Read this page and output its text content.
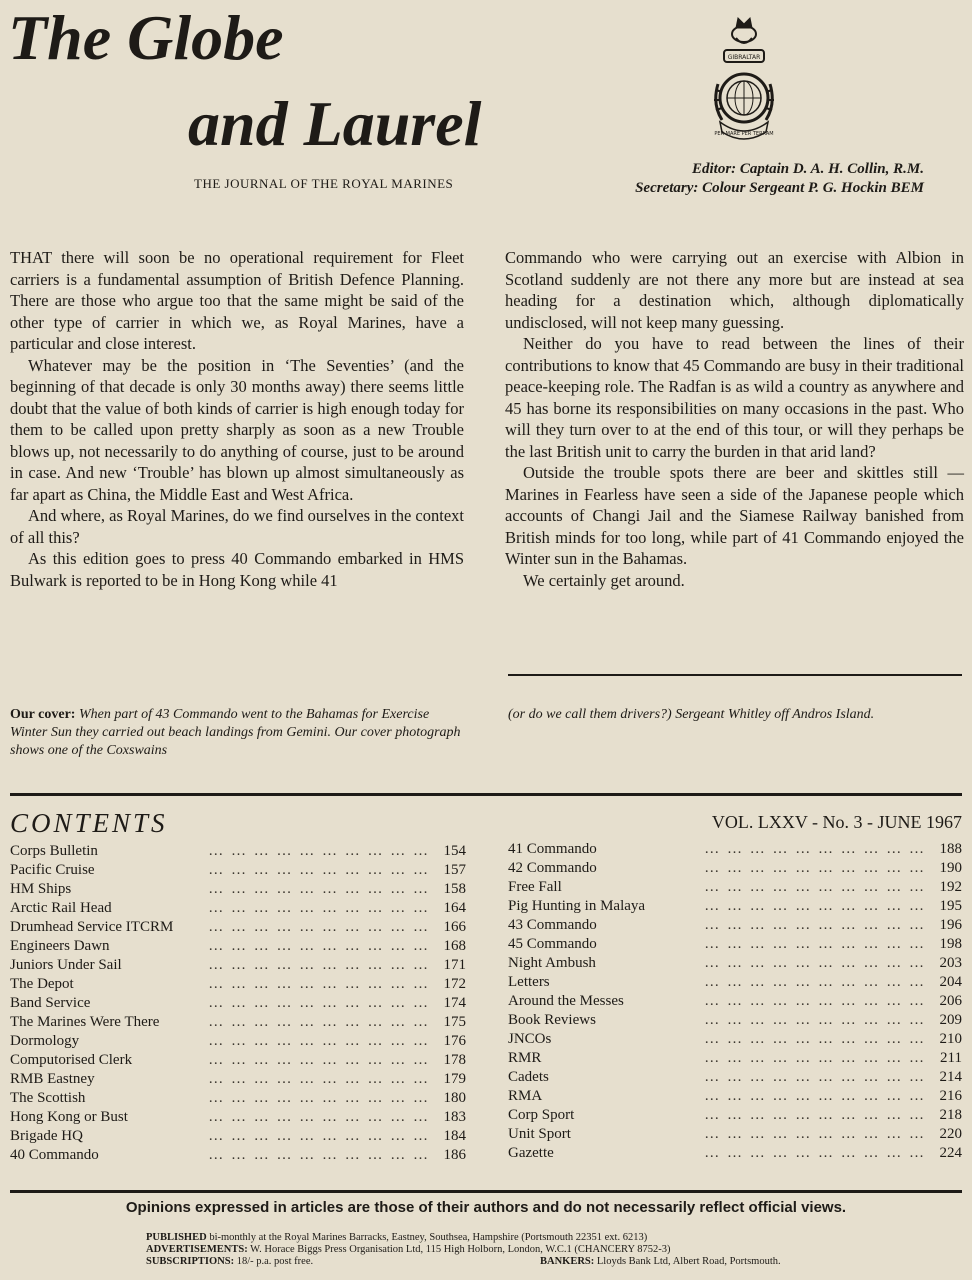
The Globe
and Laurel
THE JOURNAL OF THE ROYAL MARINES
GIBRALTAR
PER MARE PER TERRAM
Editor: Captain D. A. H. Collin, R.M.
Secretary: Colour Sergeant P. G. Hockin BEM

THAT there will soon be no operational requirement for Fleet carriers is a fundamental assumption of British Defence Planning. There are those who argue too that the same might be said of the other type of carrier in which we, as Royal Marines, have a particular and close interest.

Whatever may be the position in ‘The Seventies’ (and the beginning of that decade is only 30 months away) there seems little doubt that the value of both kinds of carrier is high enough today for them to be called upon pretty sharply as soon as a new Trouble blows up, not necessarily to do anything of course, just to be around in case. And new ‘Trouble’ has blown up almost simultaneously as far apart as China, the Middle East and West Africa.

And where, as Royal Marines, do we find ourselves in the context of all this?

As this edition goes to press 40 Commando embarked in HMS Bulwark is reported to be in Hong Kong while 41

Commando who were carrying out an exercise with Albion in Scotland suddenly are not there any more but are instead at sea heading for a destination which, although diplomatically undisclosed, will not keep many guessing.

Neither do you have to read between the lines of their contributions to know that 45 Commando are busy in their traditional peace-keeping role. The Radfan is as wild a country as anywhere and 45 has borne its responsibilities on many occasions in the past. Who will they turn over to at the end of this tour, or will they perhaps be the last British unit to carry the burden in that arid land?

Outside the trouble spots there are beer and skittles still — Marines in Fearless have seen a side of the Japanese people which accounts of Changi Jail and the Siamese Railway banished from British minds for too long, while part of 41 Commando enjoyed the Winter sun in the Bahamas.

We certainly get around.

Our cover: When part of 43 Commando went to the Bahamas for Exercise Winter Sun they carried out beach landings from Gemini. Our cover photograph shows one of the Coxswains
(or do we call them drivers?) Sergeant Whitley off Andros Island.
CONTENTS	VOL. LXXV - No. 3 - JUNE 1967
Corps Bulletin	… … … … … … … … … … 154
Pacific Cruise	… … … … … … … … … … 157
HM Ships	… … … … … … … … … … 158
Arctic Rail Head	… … … … … … … … … … 164
Drumhead Service ITCRM	… … … … … … … … … … 166
Engineers Dawn	… … … … … … … … … … 168
Juniors Under Sail	… … … … … … … … … … 171
The Depot	… … … … … … … … … … 172
Band Service	… … … … … … … … … … 174
The Marines Were There	… … … … … … … … … … 175
Dormology	… … … … … … … … … … 176
Computorised Clerk	… … … … … … … … … … 178
RMB Eastney	… … … … … … … … … … 179
The Scottish	… … … … … … … … … … 180
Hong Kong or Bust	… … … … … … … … … … 183
Brigade HQ	… … … … … … … … … … 184
40 Commando	… … … … … … … … … … 186
41 Commando	… … … … … … … … … … 188
42 Commando	… … … … … … … … … … 190
Free Fall	… … … … … … … … … … 192
Pig Hunting in Malaya	… … … … … … … … … … 195
43 Commando	… … … … … … … … … … 196
45 Commando	… … … … … … … … … … 198
Night Ambush	… … … … … … … … … … 203
Letters	… … … … … … … … … … 204
Around the Messes	… … … … … … … … … … 206
Book Reviews	… … … … … … … … … … 209
JNCOs	… … … … … … … … … … 210
RMR	… … … … … … … … … … 211
Cadets	… … … … … … … … … … 214
RMA	… … … … … … … … … … 216
Corp Sport	… … … … … … … … … … 218
Unit Sport	… … … … … … … … … … 220
Gazette	… … … … … … … … … … 224
Opinions expressed in articles are those of their authors and do not necessarily reflect official views.
PUBLISHED bi-monthly at the Royal Marines Barracks, Eastney, Southsea, Hampshire (Portsmouth 22351 ext. 6213)
ADVERTISEMENTS: W. Horace Biggs Press Organisation Ltd, 115 High Holborn, London, W.C.1 (CHANCERY 8752-3)
SUBSCRIPTIONS: 18/- p.a. post free.	BANKERS: Lloyds Bank Ltd, Albert Road, Portsmouth.
